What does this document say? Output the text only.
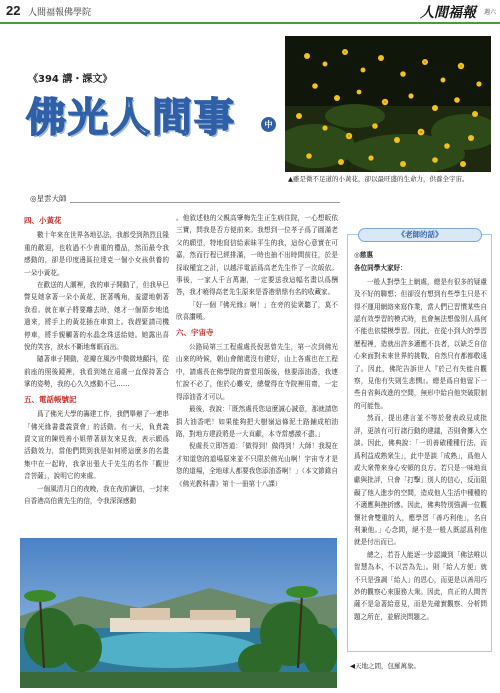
22 人間福報佛學院	人間福報 週六
《394 講・課文》
佛光人間事	中
▲雖是微不足道的小黃花，卻以最旺盛的生命力，供養全宇宙。
◎星雲大師
四、小黃花

數十年來在世界各地弘法，我都受到熱烈且隆重的歡迎，也收過不少貴重的禮品，然而最令我感動的，卻是印度邊區拉達克一個小女孩供養的一朵小黃花。

在歡送的人潮裡，我的車子開動了，但我早已瞥見她拿著一朵小黃花，抿著嘴角，羞澀地朝著我看。就在車子將要離去時，她才一個箭步地追過來，將手上的黃花插在車窗上。我趕緊請司機停車，將手親觸著的水晶念珠送給她。她露出喜悅的笑容，淚水不斷地奪眶而出。

隨著車子開動，花瓣在風沙中微微地顫抖，從前座的照後鏡裡，我看到她在遠處一直保持著合掌的姿勢，我的心久久感動不已……

五、電話帳號記

爲了佛光大學的籌建工作，我們舉辦了一連串「佛光緣書畫義賣會」的活動。有一天，負責義賣文宣的陳姓善小姐帶著朋友來見我，表示願爲活動效力，當他們問到我是如何將這麼多的名畫集中在一起時，我拿出張大千先生的名作「觀世音菩薩」，說明它的來處。

一個風清月白的夜晚，我在夜前讀信，一封來自香港高伯貴先生的信，令我深深感動

。他敘述他的父親高肇梅先生正生病住院，一心想皈依三寶，問我是否方便前來。我想到一位孝子爲了圓滿老父的願望，特地寫信給素昧平生的我，這份心意實在可嘉，然而行程已經排滿，一時也抽不出時間前往，於是採取權宜之計，以越洋電話爲高老先生作了一次皈依。事後，一家人千言萬謝，一定要送我這幅名畫以爲酬答，我才曉得高老先生原來是香港鼎鼎有名的收藏家。

「好一個『佛光緣』啊！」在旁的徒衆聽了，莫不欣喜讚嘆。

六、宇宙寺

公路局第三工程處處長倪思曾先生，第一次到佛光山來的時候，朝山會館還沒有建好，山上各處也在工程中，請處長在佛學院的齋堂用飯後，他要添油香，我連忙說不必了，他於心難安，總覺得在寺院裡用齋，一定得添油香才可以。

最後，我說：「既然處長您這麼誠心誠意，那就請您捐大油香吧！如果能夠把大樹嶺這條泥土路鋪成柏油路，對地方建設將是一大貢獻，本寺當感激不盡。」

倪處長立即答道：「做得到！做得到！大師！我現在才知道您的道場原來並不只限於佛光山啊！宇宙寺才是您的道場，全地球人都要我您添油香啊！」（本文節錄自《佛光教科書》第十一冊第十八課）

《老師的話》

◎慈惠

各位同學大家好：

一般人對學生上網處，總是有很多的疑慮及不好的聯想；但卻沒有想到有些學生只是不得不運用網絡來寫作業，當人們已習慣某些自認有效學習的模式時，也會無法想像別人爲何不能也依樣模學習。因此，在從小到大的學習歷程裡，造就出許多適應不良者，以缺乏自信心來面對未來世界的挑戰，自然只有都都敬遠了。因此，佛陀告訴世人『於己有失能自觀察，見他有失則生悲憫』。總是爲自他留下一些自省與改進的空間，無形中給自他突破限制的可能性。

然而，提出建言並不等於發表政見或批評，更該有可行諸行動的建議，否則會擲入空談。因此，佛典說：「一切善確種種行法，而爲利益成熟衆生」，此中是談「成熟」，爲他人或大衆帶來身心安頓的良方。若只是一味地貢獻與批評，只會「打擊」別人的信心，反而阻礙了他人進步的空間，造成他人生活中種種的不適應與挫折感。因此，佛典特別強調一位觀懷社會雙重的人，應學習「善巧利他」，名自利兼他。」心念間，絕不是一般人既認爲利他就是付出而已。

總之，若吾人能逐一步認識到「佛法唯以智慧為本，不以苦為先」。則「給人方便」就不只是強調「給人」的恩心，而更是以善用巧妙的觀察心來服務大衆。因此，真正的人間菩薩不是急著給意見，而是先確實觀察、分析問題之所在，並解決問題之。

◀天地之間，包羅萬象。
